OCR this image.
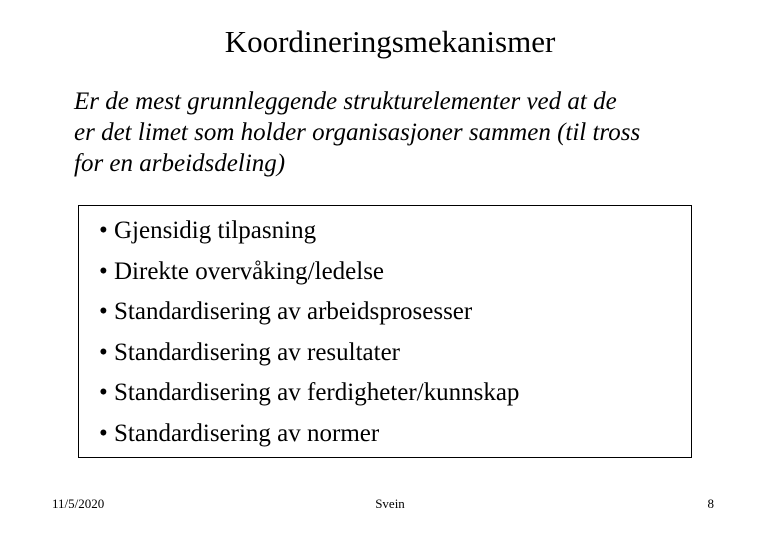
Koordineringsmekanismer

Er de mest grunnleggende strukturelementer ved at de
er det limet som holder organisasjoner sammen (til tross
for en arbeidsdeling)

• Gjensidig tilpasning
• Direkte overvåking/ledelse
• Standardisering av arbeidsprosesser
• Standardisering av resultater
• Standardisering av ferdigheter/kunnskap
• Standardisering av normer
11/5/2020	Svein	8
